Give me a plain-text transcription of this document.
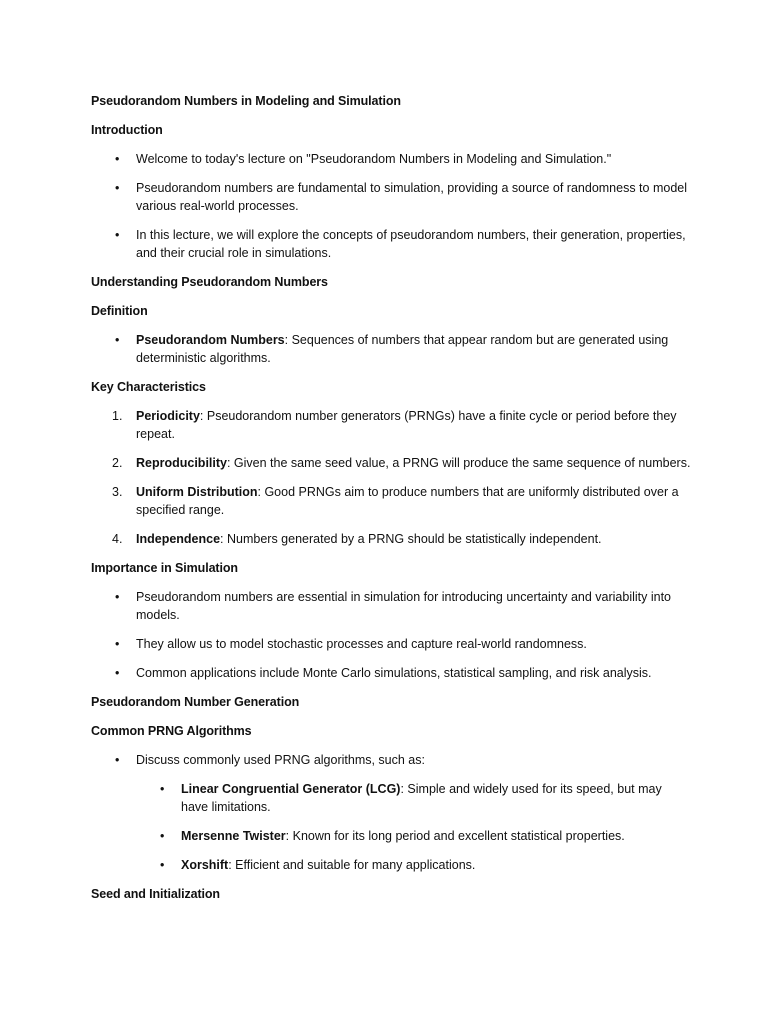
Pseudorandom Numbers in Modeling and Simulation
Introduction
• Welcome to today's lecture on "Pseudorandom Numbers in Modeling and Simulation."
• Pseudorandom numbers are fundamental to simulation, providing a source of randomness to model various real-world processes.
• In this lecture, we will explore the concepts of pseudorandom numbers, their generation, properties, and their crucial role in simulations.
Understanding Pseudorandom Numbers
Definition
• Pseudorandom Numbers: Sequences of numbers that appear random but are generated using deterministic algorithms.
Key Characteristics
1. Periodicity: Pseudorandom number generators (PRNGs) have a finite cycle or period before they repeat.
2. Reproducibility: Given the same seed value, a PRNG will produce the same sequence of numbers.
3. Uniform Distribution: Good PRNGs aim to produce numbers that are uniformly distributed over a specified range.
4. Independence: Numbers generated by a PRNG should be statistically independent.
Importance in Simulation
• Pseudorandom numbers are essential in simulation for introducing uncertainty and variability into models.
• They allow us to model stochastic processes and capture real-world randomness.
• Common applications include Monte Carlo simulations, statistical sampling, and risk analysis.
Pseudorandom Number Generation
Common PRNG Algorithms
• Discuss commonly used PRNG algorithms, such as:
• Linear Congruential Generator (LCG): Simple and widely used for its speed, but may have limitations.
• Mersenne Twister: Known for its long period and excellent statistical properties.
• Xorshift: Efficient and suitable for many applications.
Seed and Initialization
